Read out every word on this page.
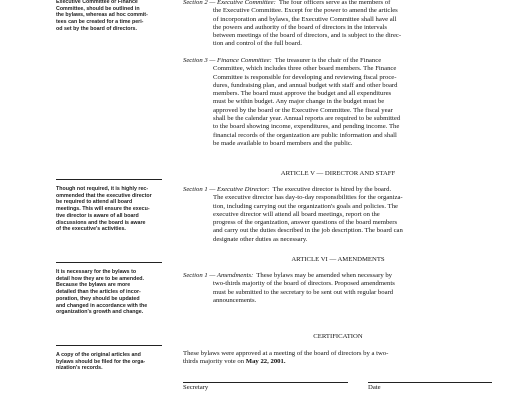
Executive Committee or Finance
Committee, should be outlined in
the bylaws, whereas ad hoc commit-
tees can be created for a time peri-
od set by the board of directors.
Though not required, it is highly rec-
ommended that the executive director
be required to attend all board
meetings. This will ensure the execu-
tive director is aware of all board
discussions and the board is aware
of the executive's activities.
It is necessary for the bylaws to
detail how they are to be amended.
Because the bylaws are more
detailed than the articles of incor-
poration, they should be updated
and changed in accordance with the
organization's growth and change.
A copy of the original articles and
bylaws should be filed for the orga-
nization's records.
Section 2 — Executive Committee: The four officers serve as the members of
the Executive Committee. Except for the power to amend the articles
of incorporation and bylaws, the Executive Committee shall have all
the powers and authority of the board of directors in the intervals
between meetings of the board of directors, and is subject to the direc-
tion and control of the full board.
Section 3 — Finance Committee: The treasurer is the chair of the Finance
Committee, which includes three other board members. The Finance
Committee is responsible for developing and reviewing fiscal proce-
dures, fundraising plan, and annual budget with staff and other board
members. The board must approve the budget and all expenditures
must be within budget. Any major change in the budget must be
approved by the board or the Executive Committee. The fiscal year
shall be the calendar year. Annual reports are required to be submitted
to the board showing income, expenditures, and pending income. The
financial records of the organization are public information and shall
be made available to board members and the public.
ARTICLE V — DIRECTOR AND STAFF
Section 1 — Executive Director: The executive director is hired by the board.
The executive director has day-to-day responsibilities for the organiza-
tion, including carrying out the organization's goals and policies. The
executive director will attend all board meetings, report on the
progress of the organization, answer questions of the board members
and carry out the duties described in the job description. The board can
designate other duties as necessary.
ARTICLE VI — AMENDMENTS
Section 1 — Amendments: These bylaws may be amended when necessary by
two-thirds majority of the board of directors. Proposed amendments
must be submitted to the secretary to be sent out with regular board
announcements.
CERTIFICATION
These bylaws were approved at a meeting of the board of directors by a two-
thirds majority vote on May 22, 2001.
Secretary	Date
